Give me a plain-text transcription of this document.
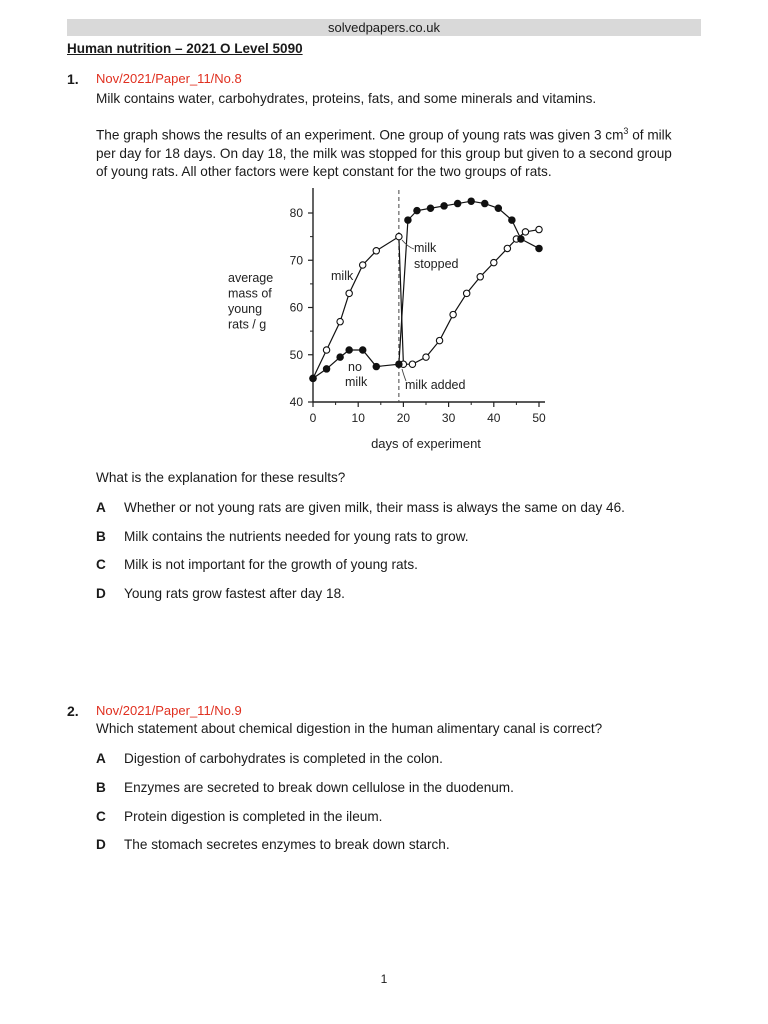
solvedpapers.co.uk
Human nutrition – 2021 O Level 5090
1. Nov/2021/Paper_11/No.8
Milk contains water, carbohydrates, proteins, fats, and some minerals and vitamins.
The graph shows the results of an experiment. One group of young rats was given 3 $cm^3$ of milk
per day for 18 days. On day 18, the milk was stopped for this group but given to a second group
of young rats. All other factors were kept constant for the two groups of rats.
average
mass of
young
rats / g
0	10	20	30	40	50
40
50
60
70
80
milk
no
milk
milk
stopped
milk added
days of experiment
What is the explanation for these results?
A Whether or not young rats are given milk, their mass is always the same on day 46.
B Milk contains the nutrients needed for young rats to grow.
C Milk is not important for the growth of young rats.
D Young rats grow fastest after day 18.
2. Nov/2021/Paper_11/No.9
Which statement about chemical digestion in the human alimentary canal is correct?
A Digestion of carbohydrates is completed in the colon.
B Enzymes are secreted to break down cellulose in the duodenum.
C Protein digestion is completed in the ileum.
D The stomach secretes enzymes to break down starch.
1
